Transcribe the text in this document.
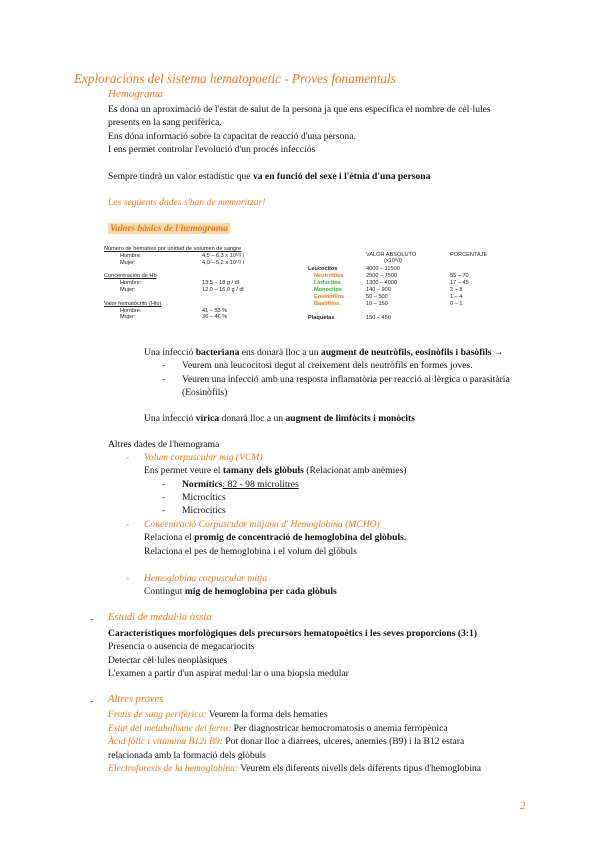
Exploracions del sistema hematopoetic - Proves fonamentals
Hemograma
Es dona un aproximació de l'estat de salut de la persona ja que ens especifica el nombre de cèl·lules
presents en la sang perifèrica.
Ens dóna informació sobre la capacitat de reacció d'una persona.
I ens permet controlar l'evolució d'un procés infecciós
Sempre tindrà un valor estadístic que va en funció del sexe i l'ètnia d'una persona
Les següents dades s'han de memoritzar!
Valors bàsics de l'hemograma
Número de hematíes por unidad de volumen de sangre
Hombre:	4,5 – 6,3 x 10¹²/ l
Mujer:	4,0 – 5,2 x 10¹²/ l
Concentración de Hb
Hombre:	13,5 – 18 g / dl
Mujer:	12,0 – 16,0 g / dl
Valor hematócrito (Hto)
Hombre:	41 – 53 %
Mujer:	36 – 46 %
VALOR ABSOLUTO
(x10⁶/l)
PORCENTAJE
Leucocitos	4000 – 11500
Neutrófilos	2500 – 7500	55 – 70
Linfocitos	1300 – 4000	17 – 45
Monocitos	140 – 900	2 – 8
Eosinófilos	50 – 500	1 – 4
Basófilos	10 – 150	0 – 1
Plaquetas	150 – 450
Una infecció bacteriana ens donarà lloc a un augment de neutròfils, eosinòfils i basòfils →
- Veurem una leucocitosi degut al creixement dels neutròfils en formes joves.
- Veuren una infecció amb una resposta inflamatòria per reacció al·lèrgica o parasitària
(Eosinòfils)
Una infecció vírica donarà lloc a un augment de limfòcits i monòcits
Altres dades de l'hemograma
- Volum corpuscular mig (VCM)
Ens permet veure el tamany dels glòbuls (Relacionat amb anèmies)
- Normítics: 82 - 98 microlitres
- Microcítics
- Microcítics
- Concentració Corpuscular mitjana d' Hemoglobina (MCHO)
Relaciona el promig de concentració de hemoglobina del glòbuls.
Relaciona el pes de hemoglobina i el volum del glòbuls
- Hemoglobina corpuscular mitja
Contingut mig de hemoglobina per cada glòbuls
- Estudi de medul·la òssia
Característiques morfològiques dels precursors hematopoètics i les seves proporcions (3:1)
Presencia o ausencia de megacariocits
Detectar cèl·lules neoplàsiques
L'examen a partir d'un aspirat medul·lar o una biopsia medular
- Altres proves
Frotis de sang perifèrica: Veurem la forma dels hematies
Estat del metabolisme del ferro: Per diagnostricar hemocromatosis o anemia ferropènica
Àcid fòlic i vitamina B12i B9: Pot donar lloc a diarrees, ulceres, anemies (B9) i la B12 estara
relacionada amb la formació dels glòbuls
Electroforesis de la hemoglobina: Veurem els diferents nivells dels diferents tipus d'hemoglobina
2
